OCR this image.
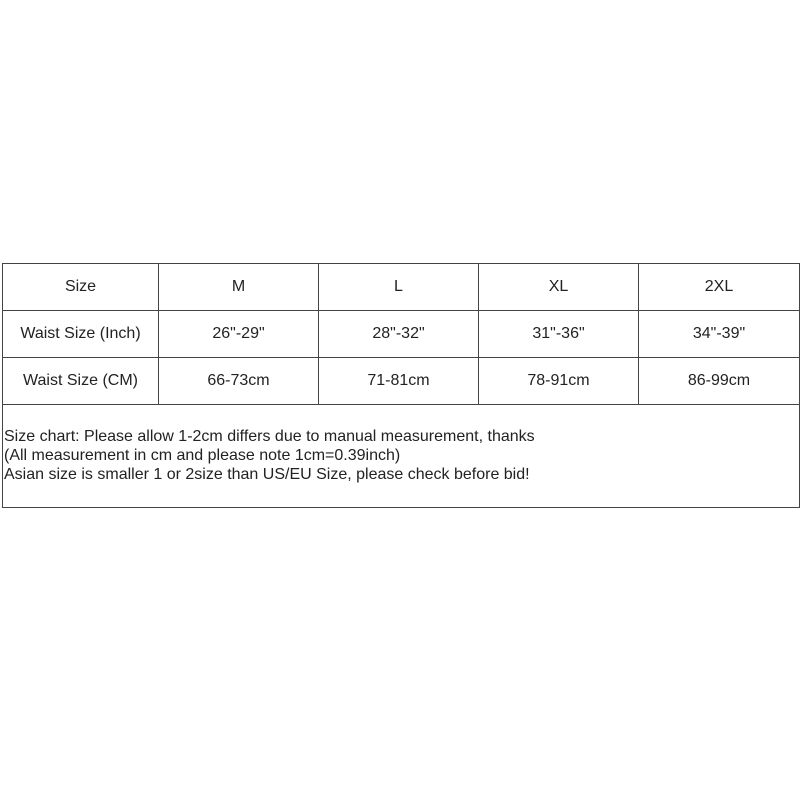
Size	M	L	XL	2XL
Waist Size (Inch)	26"-29"	28"-32"	31"-36"	34"-39"
Waist Size (CM)	66-73cm	71-81cm	78-91cm	86-99cm

Size chart: Please allow 1-2cm differs due to manual measurement, thanks
(All measurement in cm and please note 1cm=0.39inch)
Asian size is smaller 1 or 2size than US/EU Size, please check before bid!				
